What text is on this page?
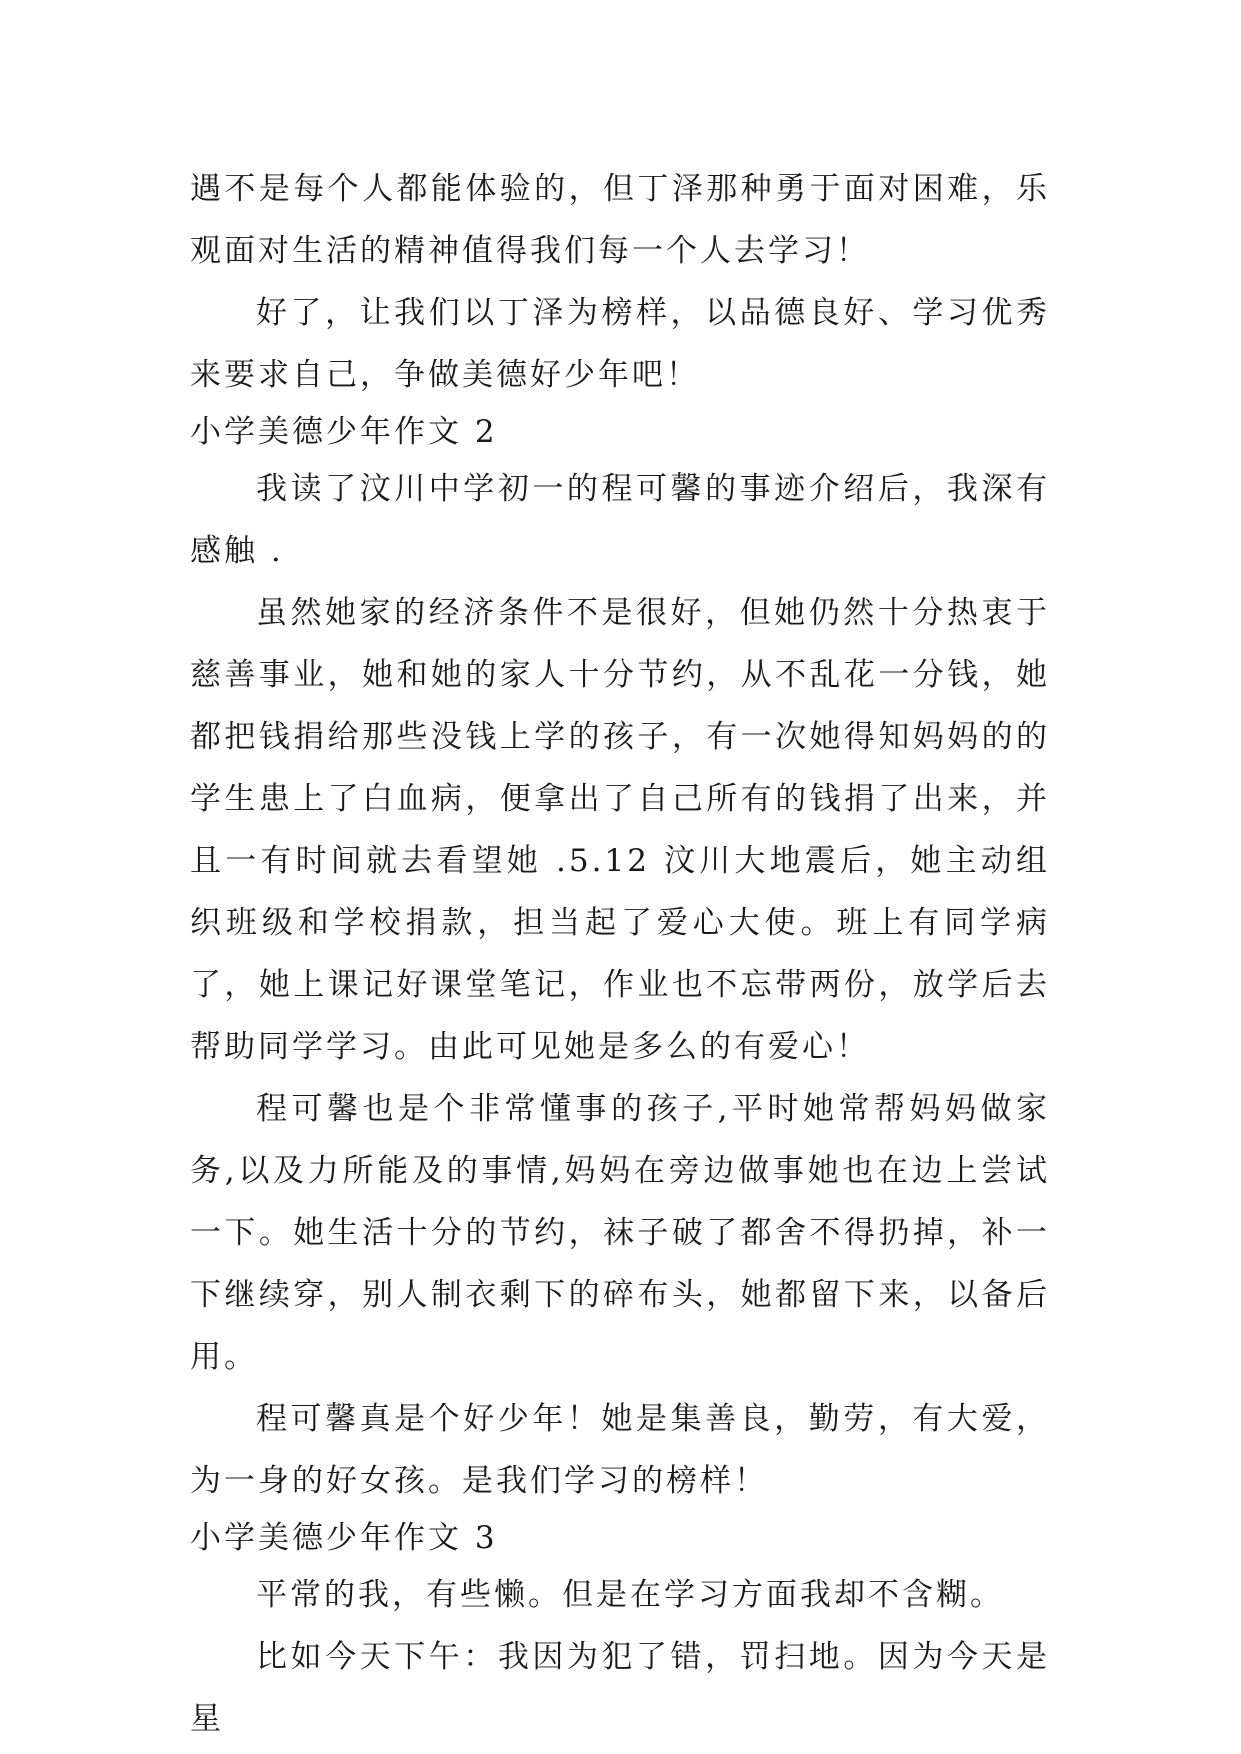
遇不是每个人都能体验的，但丁泽那种勇于面对困难，乐观面对生活的精神值得我们每一个人去学习！

好了，让我们以丁泽为榜样，以品德良好、学习优秀来要求自己，争做美德好少年吧！

小学美德少年作文 2

我读了汶川中学初一的程可馨的事迹介绍后，我深有感触 .

虽然她家的经济条件不是很好，但她仍然十分热衷于慈善事业，她和她的家人十分节约，从不乱花一分钱，她都把钱捐给那些没钱上学的孩子，有一次她得知妈妈的的学生患上了白血病，便拿出了自己所有的钱捐了出来，并且一有时间就去看望她 .5.12 汶川大地震后，她主动组织班级和学校捐款，担当起了爱心大使。班上有同学病了，她上课记好课堂笔记，作业也不忘带两份，放学后去帮助同学学习。由此可见她是多么的有爱心！

程可馨也是个非常懂事的孩子,平时她常帮妈妈做家务,以及力所能及的事情,妈妈在旁边做事她也在边上尝试一下。她生活十分的节约，袜子破了都舍不得扔掉，补一下继续穿，别人制衣剩下的碎布头，她都留下来，以备后用。

程可馨真是个好少年！她是集善良，勤劳，有大爱，为一身的好女孩。是我们学习的榜样！

小学美德少年作文 3

平常的我，有些懒。但是在学习方面我却不含糊。

比如今天下午：我因为犯了错，罚扫地。因为今天是星
